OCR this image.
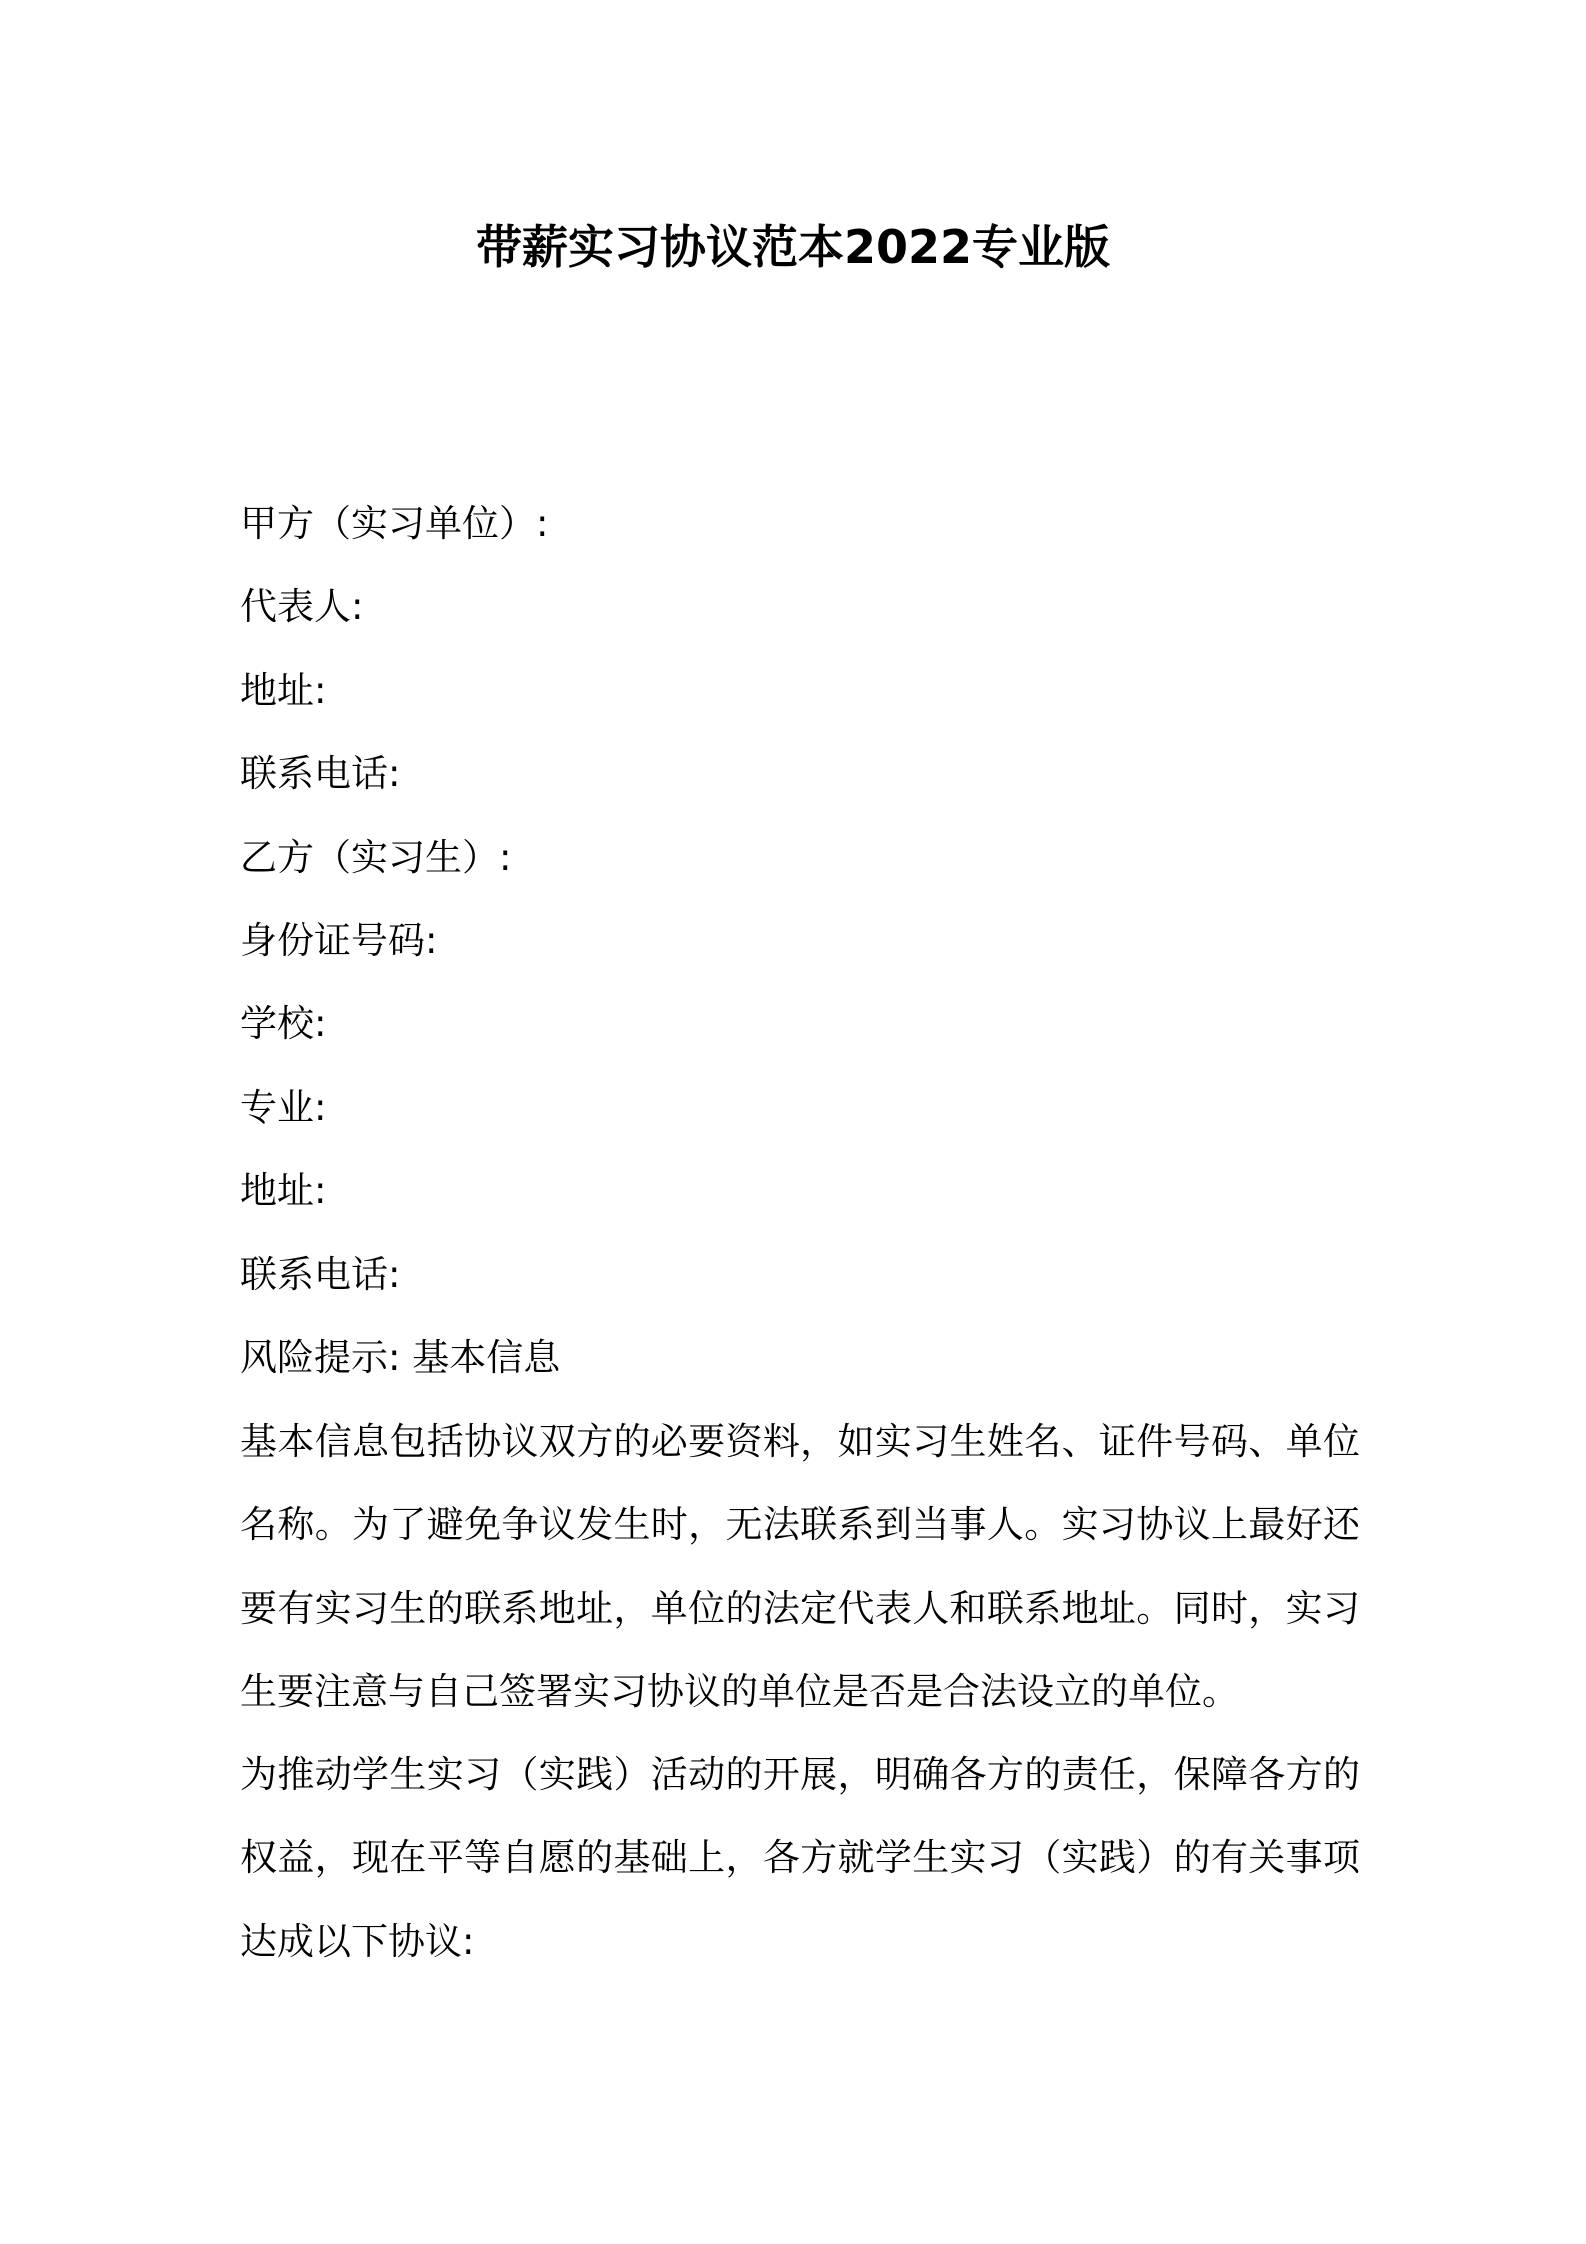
带薪实习协议范本2022专业版
甲方（实习单位）:
代表人:
地址:
联系电话:
乙方（实习生）:
身份证号码:
学校:
专业:
地址:
联系电话:
风险提示: 基本信息

基本信息包括协议双方的必要资料，如实习生姓名、证件号码、单位名称。为了避免争议发生时，无法联系到当事人。实习协议上最好还要有实习生的联系地址，单位的法定代表人和联系地址。同时，实习生要注意与自己签署实习协议的单位是否是合法设立的单位。

为推动学生实习（实践）活动的开展，明确各方的责任，保障各方的权益，现在平等自愿的基础上，各方就学生实习（实践）的有关事项达成以下协议:
